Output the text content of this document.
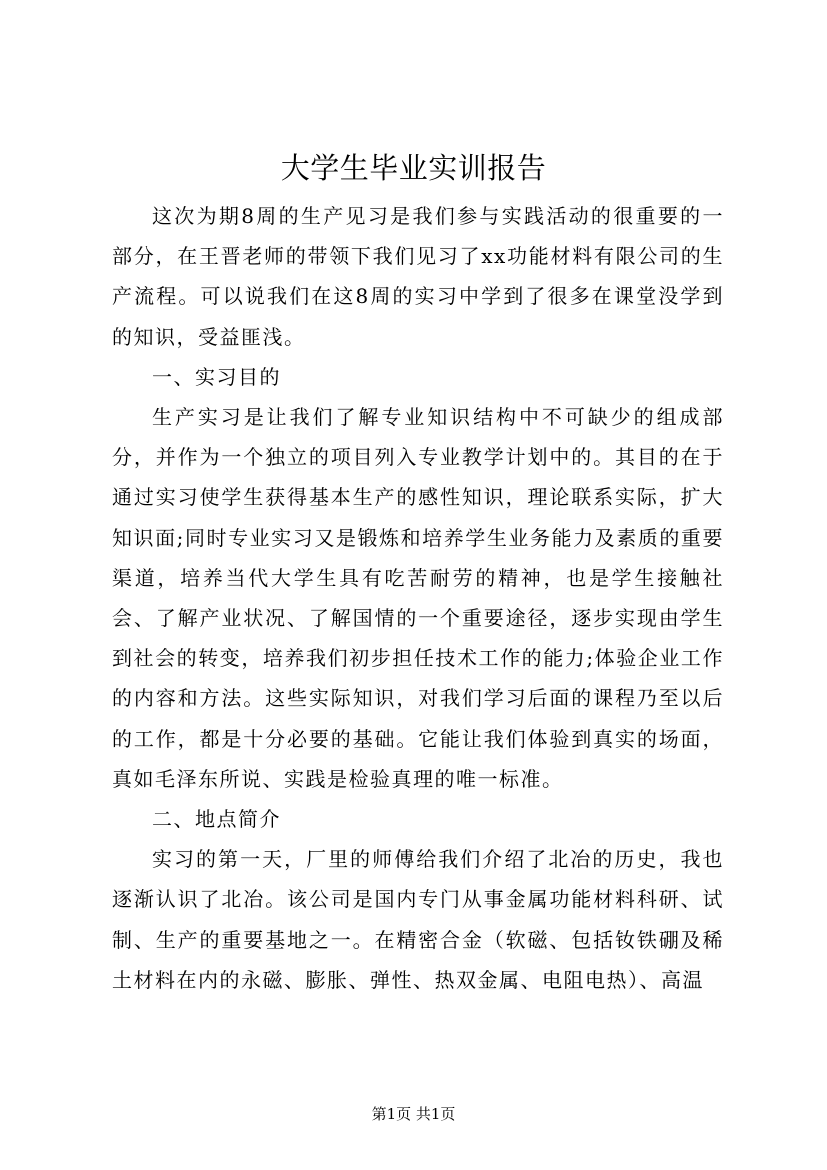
大学生毕业实训报告

这次为期8周的生产见习是我们参与实践活动的很重要的一部分，在王晋老师的带领下我们见习了xx功能材料有限公司的生产流程。可以说我们在这8周的实习中学到了很多在课堂没学到的知识，受益匪浅。

一、实习目的

生产实习是让我们了解专业知识结构中不可缺少的组成部分，并作为一个独立的项目列入专业教学计划中的。其目的在于通过实习使学生获得基本生产的感性知识，理论联系实际，扩大知识面;同时专业实习又是锻炼和培养学生业务能力及素质的重要渠道，培养当代大学生具有吃苦耐劳的精神，也是学生接触社会、了解产业状况、了解国情的一个重要途径，逐步实现由学生到社会的转变，培养我们初步担任技术工作的能力;体验企业工作的内容和方法。这些实际知识，对我们学习后面的课程乃至以后的工作，都是十分必要的基础。它能让我们体验到真实的场面，真如毛泽东所说、实践是检验真理的唯一标准。

二、地点简介

实习的第一天，厂里的师傅给我们介绍了北冶的历史，我也逐渐认识了北冶。该公司是国内专门从事金属功能材料科研、试制、生产的重要基地之一。在精密合金（软磁、包括钕铁硼及稀土材料在内的永磁、膨胀、弹性、热双金属、电阻电热）、高温

第1页 共1页
